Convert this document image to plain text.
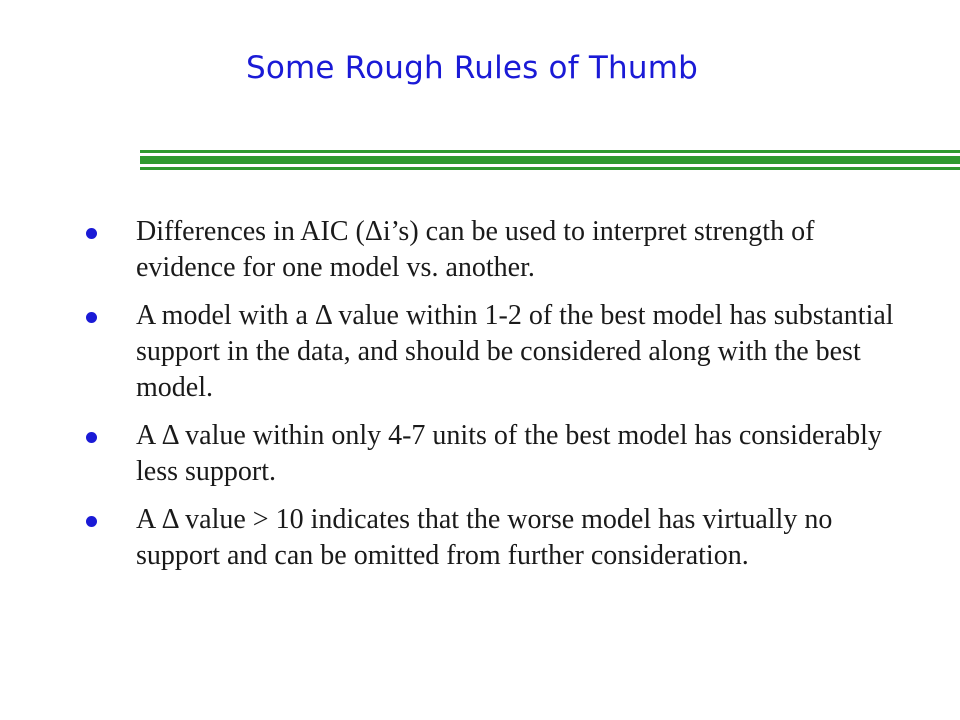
Some Rough Rules of Thumb
Differences in AIC (Δi’s) can be used to interpret strength of evidence for one model vs. another.
A model with a Δ value within 1-2 of the best model has substantial support in the data, and should be considered along with the best model.
A Δ value within only 4-7 units of the best model has considerably less support.
A Δ value > 10 indicates that the worse model has virtually no support and can be omitted from further consideration.
